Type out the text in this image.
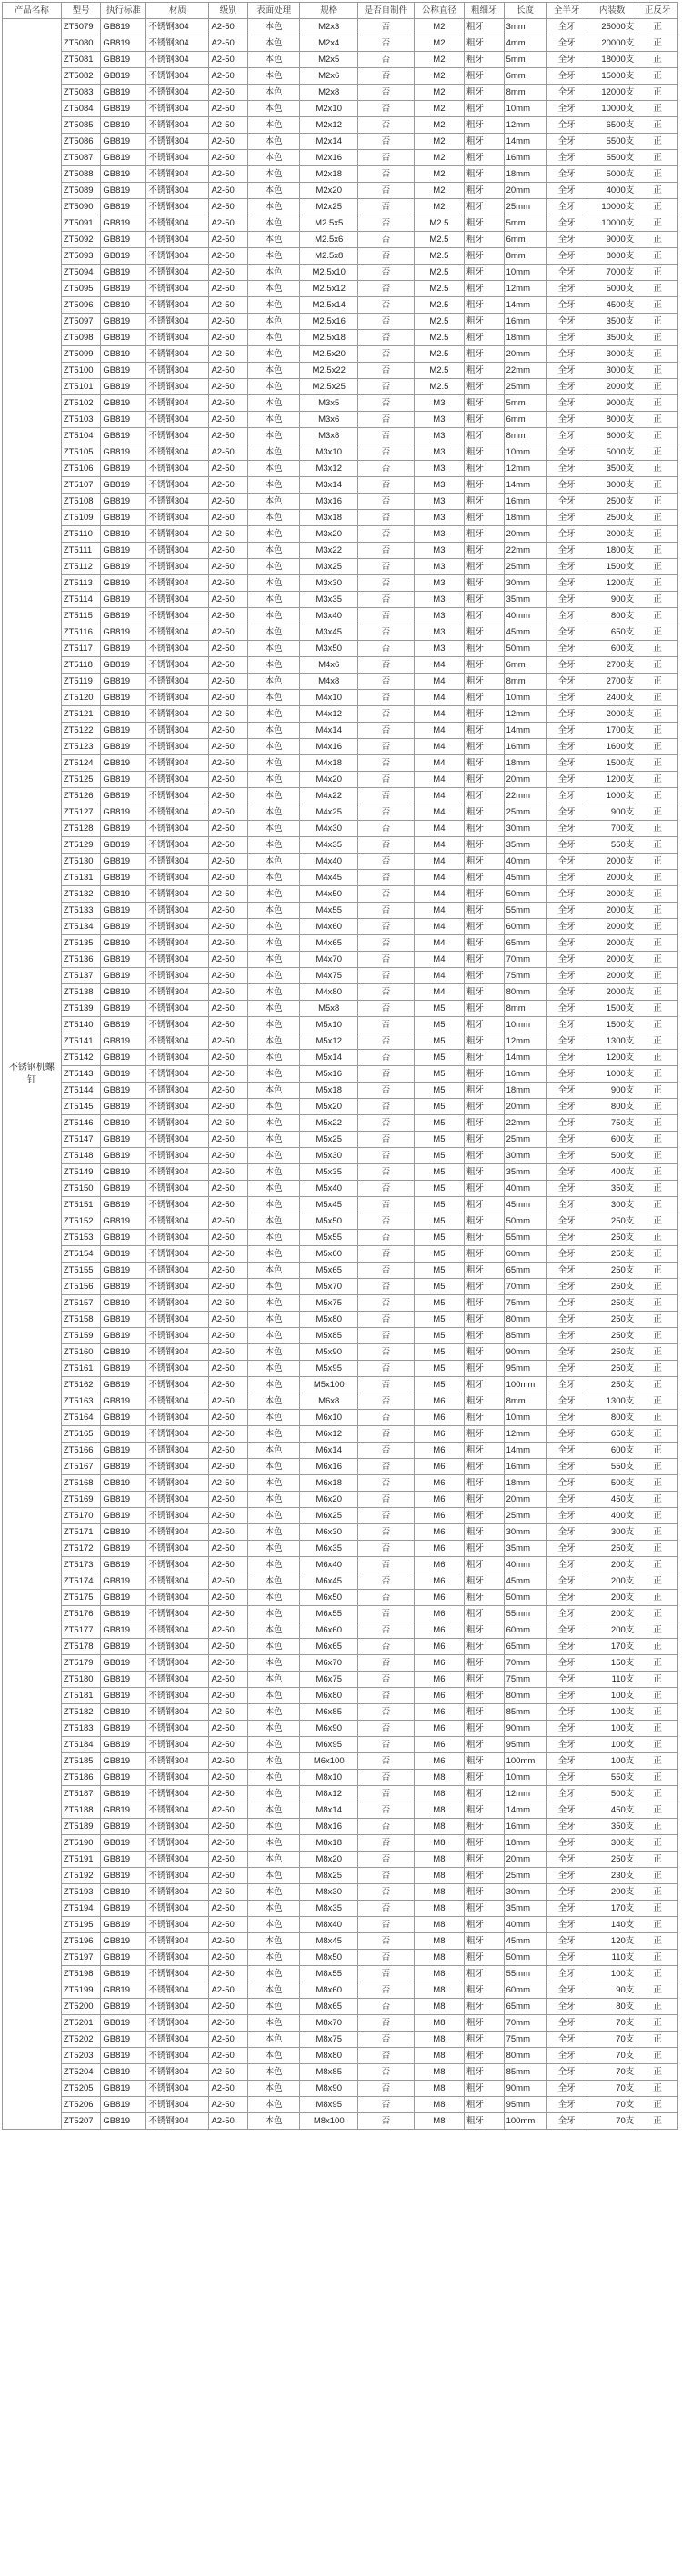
产品名称	型号	执行标准	材质	级别	表面处理	规格	是否自制件	公称直径	粗细牙	长度	全半牙	内装数	正反牙
不锈钢机螺钉	ZT5079	GB819	不锈钢304	A2-50	本色	M2x3	否	M2	粗牙	3mm	全牙	25000支	正
	ZT5080	GB819	不锈钢304	A2-50	本色	M2x4	否	M2	粗牙	4mm	全牙	20000支	正
	ZT5081	GB819	不锈钢304	A2-50	本色	M2x5	否	M2	粗牙	5mm	全牙	18000支	正
	ZT5082	GB819	不锈钢304	A2-50	本色	M2x6	否	M2	粗牙	6mm	全牙	15000支	正
	ZT5083	GB819	不锈钢304	A2-50	本色	M2x8	否	M2	粗牙	8mm	全牙	12000支	正
	ZT5084	GB819	不锈钢304	A2-50	本色	M2x10	否	M2	粗牙	10mm	全牙	10000支	正
	ZT5085	GB819	不锈钢304	A2-50	本色	M2x12	否	M2	粗牙	12mm	全牙	6500支	正
	ZT5086	GB819	不锈钢304	A2-50	本色	M2x14	否	M2	粗牙	14mm	全牙	5500支	正
	ZT5087	GB819	不锈钢304	A2-50	本色	M2x16	否	M2	粗牙	16mm	全牙	5500支	正
	ZT5088	GB819	不锈钢304	A2-50	本色	M2x18	否	M2	粗牙	18mm	全牙	5000支	正
	ZT5089	GB819	不锈钢304	A2-50	本色	M2x20	否	M2	粗牙	20mm	全牙	4000支	正
	ZT5090	GB819	不锈钢304	A2-50	本色	M2x25	否	M2	粗牙	25mm	全牙	10000支	正
	ZT5091	GB819	不锈钢304	A2-50	本色	M2.5x5	否	M2.5	粗牙	5mm	全牙	10000支	正
	ZT5092	GB819	不锈钢304	A2-50	本色	M2.5x6	否	M2.5	粗牙	6mm	全牙	9000支	正
	ZT5093	GB819	不锈钢304	A2-50	本色	M2.5x8	否	M2.5	粗牙	8mm	全牙	8000支	正
	ZT5094	GB819	不锈钢304	A2-50	本色	M2.5x10	否	M2.5	粗牙	10mm	全牙	7000支	正
	ZT5095	GB819	不锈钢304	A2-50	本色	M2.5x12	否	M2.5	粗牙	12mm	全牙	5000支	正
	ZT5096	GB819	不锈钢304	A2-50	本色	M2.5x14	否	M2.5	粗牙	14mm	全牙	4500支	正
	ZT5097	GB819	不锈钢304	A2-50	本色	M2.5x16	否	M2.5	粗牙	16mm	全牙	3500支	正
	ZT5098	GB819	不锈钢304	A2-50	本色	M2.5x18	否	M2.5	粗牙	18mm	全牙	3500支	正
	ZT5099	GB819	不锈钢304	A2-50	本色	M2.5x20	否	M2.5	粗牙	20mm	全牙	3000支	正
	ZT5100	GB819	不锈钢304	A2-50	本色	M2.5x22	否	M2.5	粗牙	22mm	全牙	3000支	正
	ZT5101	GB819	不锈钢304	A2-50	本色	M2.5x25	否	M2.5	粗牙	25mm	全牙	2000支	正
	ZT5102	GB819	不锈钢304	A2-50	本色	M3x5	否	M3	粗牙	5mm	全牙	9000支	正
	ZT5103	GB819	不锈钢304	A2-50	本色	M3x6	否	M3	粗牙	6mm	全牙	8000支	正
	ZT5104	GB819	不锈钢304	A2-50	本色	M3x8	否	M3	粗牙	8mm	全牙	6000支	正
	ZT5105	GB819	不锈钢304	A2-50	本色	M3x10	否	M3	粗牙	10mm	全牙	5000支	正
	ZT5106	GB819	不锈钢304	A2-50	本色	M3x12	否	M3	粗牙	12mm	全牙	3500支	正
	ZT5107	GB819	不锈钢304	A2-50	本色	M3x14	否	M3	粗牙	14mm	全牙	3000支	正
	ZT5108	GB819	不锈钢304	A2-50	本色	M3x16	否	M3	粗牙	16mm	全牙	2500支	正
	ZT5109	GB819	不锈钢304	A2-50	本色	M3x18	否	M3	粗牙	18mm	全牙	2500支	正
	ZT5110	GB819	不锈钢304	A2-50	本色	M3x20	否	M3	粗牙	20mm	全牙	2000支	正
	ZT5111	GB819	不锈钢304	A2-50	本色	M3x22	否	M3	粗牙	22mm	全牙	1800支	正
	ZT5112	GB819	不锈钢304	A2-50	本色	M3x25	否	M3	粗牙	25mm	全牙	1500支	正
	ZT5113	GB819	不锈钢304	A2-50	本色	M3x30	否	M3	粗牙	30mm	全牙	1200支	正
	ZT5114	GB819	不锈钢304	A2-50	本色	M3x35	否	M3	粗牙	35mm	全牙	900支	正
	ZT5115	GB819	不锈钢304	A2-50	本色	M3x40	否	M3	粗牙	40mm	全牙	800支	正
	ZT5116	GB819	不锈钢304	A2-50	本色	M3x45	否	M3	粗牙	45mm	全牙	650支	正
	ZT5117	GB819	不锈钢304	A2-50	本色	M3x50	否	M3	粗牙	50mm	全牙	600支	正
	ZT5118	GB819	不锈钢304	A2-50	本色	M4x6	否	M4	粗牙	6mm	全牙	2700支	正
	ZT5119	GB819	不锈钢304	A2-50	本色	M4x8	否	M4	粗牙	8mm	全牙	2700支	正
	ZT5120	GB819	不锈钢304	A2-50	本色	M4x10	否	M4	粗牙	10mm	全牙	2400支	正
	ZT5121	GB819	不锈钢304	A2-50	本色	M4x12	否	M4	粗牙	12mm	全牙	2000支	正
	ZT5122	GB819	不锈钢304	A2-50	本色	M4x14	否	M4	粗牙	14mm	全牙	1700支	正
	ZT5123	GB819	不锈钢304	A2-50	本色	M4x16	否	M4	粗牙	16mm	全牙	1600支	正
	ZT5124	GB819	不锈钢304	A2-50	本色	M4x18	否	M4	粗牙	18mm	全牙	1500支	正
	ZT5125	GB819	不锈钢304	A2-50	本色	M4x20	否	M4	粗牙	20mm	全牙	1200支	正
	ZT5126	GB819	不锈钢304	A2-50	本色	M4x22	否	M4	粗牙	22mm	全牙	1000支	正
	ZT5127	GB819	不锈钢304	A2-50	本色	M4x25	否	M4	粗牙	25mm	全牙	900支	正
	ZT5128	GB819	不锈钢304	A2-50	本色	M4x30	否	M4	粗牙	30mm	全牙	700支	正
	ZT5129	GB819	不锈钢304	A2-50	本色	M4x35	否	M4	粗牙	35mm	全牙	550支	正
	ZT5130	GB819	不锈钢304	A2-50	本色	M4x40	否	M4	粗牙	40mm	全牙	2000支	正
	ZT5131	GB819	不锈钢304	A2-50	本色	M4x45	否	M4	粗牙	45mm	全牙	2000支	正
	ZT5132	GB819	不锈钢304	A2-50	本色	M4x50	否	M4	粗牙	50mm	全牙	2000支	正
	ZT5133	GB819	不锈钢304	A2-50	本色	M4x55	否	M4	粗牙	55mm	全牙	2000支	正
	ZT5134	GB819	不锈钢304	A2-50	本色	M4x60	否	M4	粗牙	60mm	全牙	2000支	正
	ZT5135	GB819	不锈钢304	A2-50	本色	M4x65	否	M4	粗牙	65mm	全牙	2000支	正
	ZT5136	GB819	不锈钢304	A2-50	本色	M4x70	否	M4	粗牙	70mm	全牙	2000支	正
	ZT5137	GB819	不锈钢304	A2-50	本色	M4x75	否	M4	粗牙	75mm	全牙	2000支	正
	ZT5138	GB819	不锈钢304	A2-50	本色	M4x80	否	M4	粗牙	80mm	全牙	2000支	正
	ZT5139	GB819	不锈钢304	A2-50	本色	M5x8	否	M5	粗牙	8mm	全牙	1500支	正
	ZT5140	GB819	不锈钢304	A2-50	本色	M5x10	否	M5	粗牙	10mm	全牙	1500支	正
	ZT5141	GB819	不锈钢304	A2-50	本色	M5x12	否	M5	粗牙	12mm	全牙	1300支	正
	ZT5142	GB819	不锈钢304	A2-50	本色	M5x14	否	M5	粗牙	14mm	全牙	1200支	正
	ZT5143	GB819	不锈钢304	A2-50	本色	M5x16	否	M5	粗牙	16mm	全牙	1000支	正
	ZT5144	GB819	不锈钢304	A2-50	本色	M5x18	否	M5	粗牙	18mm	全牙	900支	正
	ZT5145	GB819	不锈钢304	A2-50	本色	M5x20	否	M5	粗牙	20mm	全牙	800支	正
	ZT5146	GB819	不锈钢304	A2-50	本色	M5x22	否	M5	粗牙	22mm	全牙	750支	正
	ZT5147	GB819	不锈钢304	A2-50	本色	M5x25	否	M5	粗牙	25mm	全牙	600支	正
	ZT5148	GB819	不锈钢304	A2-50	本色	M5x30	否	M5	粗牙	30mm	全牙	500支	正
	ZT5149	GB819	不锈钢304	A2-50	本色	M5x35	否	M5	粗牙	35mm	全牙	400支	正
	ZT5150	GB819	不锈钢304	A2-50	本色	M5x40	否	M5	粗牙	40mm	全牙	350支	正
	ZT5151	GB819	不锈钢304	A2-50	本色	M5x45	否	M5	粗牙	45mm	全牙	300支	正
	ZT5152	GB819	不锈钢304	A2-50	本色	M5x50	否	M5	粗牙	50mm	全牙	250支	正
	ZT5153	GB819	不锈钢304	A2-50	本色	M5x55	否	M5	粗牙	55mm	全牙	250支	正
	ZT5154	GB819	不锈钢304	A2-50	本色	M5x60	否	M5	粗牙	60mm	全牙	250支	正
	ZT5155	GB819	不锈钢304	A2-50	本色	M5x65	否	M5	粗牙	65mm	全牙	250支	正
	ZT5156	GB819	不锈钢304	A2-50	本色	M5x70	否	M5	粗牙	70mm	全牙	250支	正
	ZT5157	GB819	不锈钢304	A2-50	本色	M5x75	否	M5	粗牙	75mm	全牙	250支	正
	ZT5158	GB819	不锈钢304	A2-50	本色	M5x80	否	M5	粗牙	80mm	全牙	250支	正
	ZT5159	GB819	不锈钢304	A2-50	本色	M5x85	否	M5	粗牙	85mm	全牙	250支	正
	ZT5160	GB819	不锈钢304	A2-50	本色	M5x90	否	M5	粗牙	90mm	全牙	250支	正
	ZT5161	GB819	不锈钢304	A2-50	本色	M5x95	否	M5	粗牙	95mm	全牙	250支	正
	ZT5162	GB819	不锈钢304	A2-50	本色	M5x100	否	M5	粗牙	100mm	全牙	250支	正
	ZT5163	GB819	不锈钢304	A2-50	本色	M6x8	否	M6	粗牙	8mm	全牙	1300支	正
	ZT5164	GB819	不锈钢304	A2-50	本色	M6x10	否	M6	粗牙	10mm	全牙	800支	正
	ZT5165	GB819	不锈钢304	A2-50	本色	M6x12	否	M6	粗牙	12mm	全牙	650支	正
	ZT5166	GB819	不锈钢304	A2-50	本色	M6x14	否	M6	粗牙	14mm	全牙	600支	正
	ZT5167	GB819	不锈钢304	A2-50	本色	M6x16	否	M6	粗牙	16mm	全牙	550支	正
	ZT5168	GB819	不锈钢304	A2-50	本色	M6x18	否	M6	粗牙	18mm	全牙	500支	正
	ZT5169	GB819	不锈钢304	A2-50	本色	M6x20	否	M6	粗牙	20mm	全牙	450支	正
	ZT5170	GB819	不锈钢304	A2-50	本色	M6x25	否	M6	粗牙	25mm	全牙	400支	正
	ZT5171	GB819	不锈钢304	A2-50	本色	M6x30	否	M6	粗牙	30mm	全牙	300支	正
	ZT5172	GB819	不锈钢304	A2-50	本色	M6x35	否	M6	粗牙	35mm	全牙	250支	正
	ZT5173	GB819	不锈钢304	A2-50	本色	M6x40	否	M6	粗牙	40mm	全牙	200支	正
	ZT5174	GB819	不锈钢304	A2-50	本色	M6x45	否	M6	粗牙	45mm	全牙	200支	正
	ZT5175	GB819	不锈钢304	A2-50	本色	M6x50	否	M6	粗牙	50mm	全牙	200支	正
	ZT5176	GB819	不锈钢304	A2-50	本色	M6x55	否	M6	粗牙	55mm	全牙	200支	正
	ZT5177	GB819	不锈钢304	A2-50	本色	M6x60	否	M6	粗牙	60mm	全牙	200支	正
	ZT5178	GB819	不锈钢304	A2-50	本色	M6x65	否	M6	粗牙	65mm	全牙	170支	正
	ZT5179	GB819	不锈钢304	A2-50	本色	M6x70	否	M6	粗牙	70mm	全牙	150支	正
	ZT5180	GB819	不锈钢304	A2-50	本色	M6x75	否	M6	粗牙	75mm	全牙	110支	正
	ZT5181	GB819	不锈钢304	A2-50	本色	M6x80	否	M6	粗牙	80mm	全牙	100支	正
	ZT5182	GB819	不锈钢304	A2-50	本色	M6x85	否	M6	粗牙	85mm	全牙	100支	正
	ZT5183	GB819	不锈钢304	A2-50	本色	M6x90	否	M6	粗牙	90mm	全牙	100支	正
	ZT5184	GB819	不锈钢304	A2-50	本色	M6x95	否	M6	粗牙	95mm	全牙	100支	正
	ZT5185	GB819	不锈钢304	A2-50	本色	M6x100	否	M6	粗牙	100mm	全牙	100支	正
	ZT5186	GB819	不锈钢304	A2-50	本色	M8x10	否	M8	粗牙	10mm	全牙	550支	正
	ZT5187	GB819	不锈钢304	A2-50	本色	M8x12	否	M8	粗牙	12mm	全牙	500支	正
	ZT5188	GB819	不锈钢304	A2-50	本色	M8x14	否	M8	粗牙	14mm	全牙	450支	正
	ZT5189	GB819	不锈钢304	A2-50	本色	M8x16	否	M8	粗牙	16mm	全牙	350支	正
	ZT5190	GB819	不锈钢304	A2-50	本色	M8x18	否	M8	粗牙	18mm	全牙	300支	正
	ZT5191	GB819	不锈钢304	A2-50	本色	M8x20	否	M8	粗牙	20mm	全牙	250支	正
	ZT5192	GB819	不锈钢304	A2-50	本色	M8x25	否	M8	粗牙	25mm	全牙	230支	正
	ZT5193	GB819	不锈钢304	A2-50	本色	M8x30	否	M8	粗牙	30mm	全牙	200支	正
	ZT5194	GB819	不锈钢304	A2-50	本色	M8x35	否	M8	粗牙	35mm	全牙	170支	正
	ZT5195	GB819	不锈钢304	A2-50	本色	M8x40	否	M8	粗牙	40mm	全牙	140支	正
	ZT5196	GB819	不锈钢304	A2-50	本色	M8x45	否	M8	粗牙	45mm	全牙	120支	正
	ZT5197	GB819	不锈钢304	A2-50	本色	M8x50	否	M8	粗牙	50mm	全牙	110支	正
	ZT5198	GB819	不锈钢304	A2-50	本色	M8x55	否	M8	粗牙	55mm	全牙	100支	正
	ZT5199	GB819	不锈钢304	A2-50	本色	M8x60	否	M8	粗牙	60mm	全牙	90支	正
	ZT5200	GB819	不锈钢304	A2-50	本色	M8x65	否	M8	粗牙	65mm	全牙	80支	正
	ZT5201	GB819	不锈钢304	A2-50	本色	M8x70	否	M8	粗牙	70mm	全牙	70支	正
	ZT5202	GB819	不锈钢304	A2-50	本色	M8x75	否	M8	粗牙	75mm	全牙	70支	正
	ZT5203	GB819	不锈钢304	A2-50	本色	M8x80	否	M8	粗牙	80mm	全牙	70支	正
	ZT5204	GB819	不锈钢304	A2-50	本色	M8x85	否	M8	粗牙	85mm	全牙	70支	正
	ZT5205	GB819	不锈钢304	A2-50	本色	M8x90	否	M8	粗牙	90mm	全牙	70支	正
	ZT5206	GB819	不锈钢304	A2-50	本色	M8x95	否	M8	粗牙	95mm	全牙	70支	正
	ZT5207	GB819	不锈钢304	A2-50	本色	M8x100	否	M8	粗牙	100mm	全牙	70支	正
